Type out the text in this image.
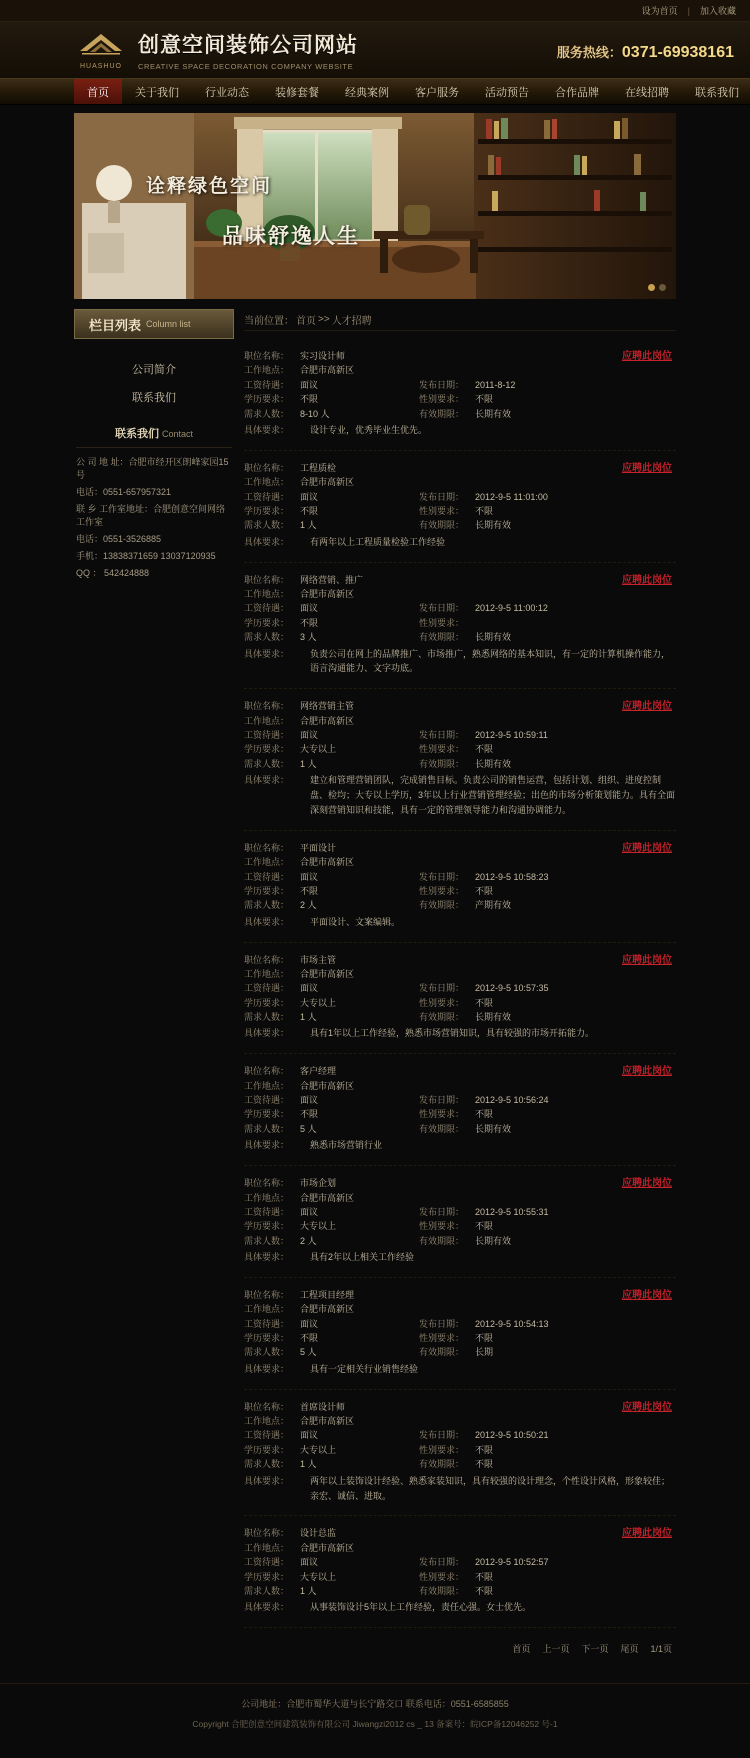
设为首页 | 加入收藏
HUASHUO
创意空间装饰公司网站
CREATIVE SPACE DECORATION COMPANY WEBSITE
服务热线：0371-69938161
首页	关于我们	行业动态	装修套餐	经典案例	客户服务	活动预告	合作品牌	在线招聘	联系我们
诠释绿色空间
品味舒逸人生
栏目列表 Column list
公司简介
联系我们
联系我们 Contact

公 司 地 址：合肥市经开区朗峰家园15号

电话：0551-657957321

联 乡 工作室地址：合肥创意空间网络工作室

电话：0551-3526885

手机：13838371659 13037120935

QQ ： 542424888

当前位置： 首页 >> 人才招聘
职位名称：	实习设计师
工作地点：	合肥市高新区
工资待遇：	面议	发布日期：	2011-8-12
学历要求：	不限	性别要求：	不限
需求人数：	8-10 人	有效期限：	长期有效
具体要求：	设计专业，优秀毕业生优先。
应聘此岗位
职位名称：	工程质检
工作地点：	合肥市高新区
工资待遇：	面议	发布日期：	2012-9-5 11:01:00
学历要求：	不限	性别要求：	不限
需求人数：	1 人	有效期限：	长期有效
具体要求：	有两年以上工程质量检验工作经验
应聘此岗位
职位名称：	网络营销、推广
工作地点：	合肥市高新区
工资待遇：	面议	发布日期：	2012-9-5 11:00:12
学历要求：	不限	性别要求：
需求人数：	3 人	有效期限：	长期有效
具体要求：	负责公司在网上的品牌推广、市场推广，熟悉网络的基本知识，有一定的计算机操作能力，语言沟通能力、文字功底。
应聘此岗位
职位名称：	网络营销主管
工作地点：	合肥市高新区
工资待遇：	面议	发布日期：	2012-9-5 10:59:11
学历要求：	大专以上	性别要求：	不限
需求人数：	1 人	有效期限：	长期有效
具体要求：	建立和管理营销团队，完成销售目标。负责公司的销售运营，包括计划、组织、进度控制盘、检均；大专以上学历，3年以上行业营销管理经验；出色的市场分析策划能力。具有全面深刻营销知识和技能，具有一定的管理领导能力和沟通协调能力。
应聘此岗位
职位名称：	平面设计
工作地点：	合肥市高新区
工资待遇：	面议	发布日期：	2012-9-5 10:58:23
学历要求：	不限	性别要求：	不限
需求人数：	2 人	有效期限：	产期有效
具体要求：	平面设计、文案编辑。
应聘此岗位
职位名称：	市场主管
工作地点：	合肥市高新区
工资待遇：	面议	发布日期：	2012-9-5 10:57:35
学历要求：	大专以上	性别要求：	不限
需求人数：	1 人	有效期限：	长期有效
具体要求：	具有1年以上工作经验，熟悉市场营销知识，具有较强的市场开拓能力。
应聘此岗位
职位名称：	客户经理
工作地点：	合肥市高新区
工资待遇：	面议	发布日期：	2012-9-5 10:56:24
学历要求：	不限	性别要求：	不限
需求人数：	5 人	有效期限：	长期有效
具体要求：	熟悉市场营销行业
应聘此岗位
职位名称：	市场企划
工作地点：	合肥市高新区
工资待遇：	面议	发布日期：	2012-9-5 10:55:31
学历要求：	大专以上	性别要求：	不限
需求人数：	2 人	有效期限：	长期有效
具体要求：	具有2年以上相关工作经验
应聘此岗位
职位名称：	工程项目经理
工作地点：	合肥市高新区
工资待遇：	面议	发布日期：	2012-9-5 10:54:13
学历要求：	不限	性别要求：	不限
需求人数：	5 人	有效期限：	长期
具体要求：	具有一定相关行业销售经验
应聘此岗位
职位名称：	首席设计师
工作地点：	合肥市高新区
工资待遇：	面议	发布日期：	2012-9-5 10:50:21
学历要求：	大专以上	性别要求：	不限
需求人数：	1 人	有效期限：	不限
具体要求：	两年以上装饰设计经验、熟悉家装知识，具有较强的设计理念，个性设计风格，形象较佳；亲宏、诚信、进取。
应聘此岗位
职位名称：	设计总监
工作地点：	合肥市高新区
工资待遇：	面议	发布日期：	2012-9-5 10:52:57
学历要求：	大专以上	性别要求：	不限
需求人数：	1 人	有效期限：	不限
具体要求：	从事装饰设计5年以上工作经验，责任心强。女士优先。
应聘此岗位
首页 上一页 下一页 尾页 1/1页

公司地址：合肥市蜀华大道与长宁路交口 联系电话：0551-6585855

Copyright 合肥创意空间建筑装饰有限公司 Jiwangzi2012 cs _ 13 备案号：皖ICP备12046252 号-1
